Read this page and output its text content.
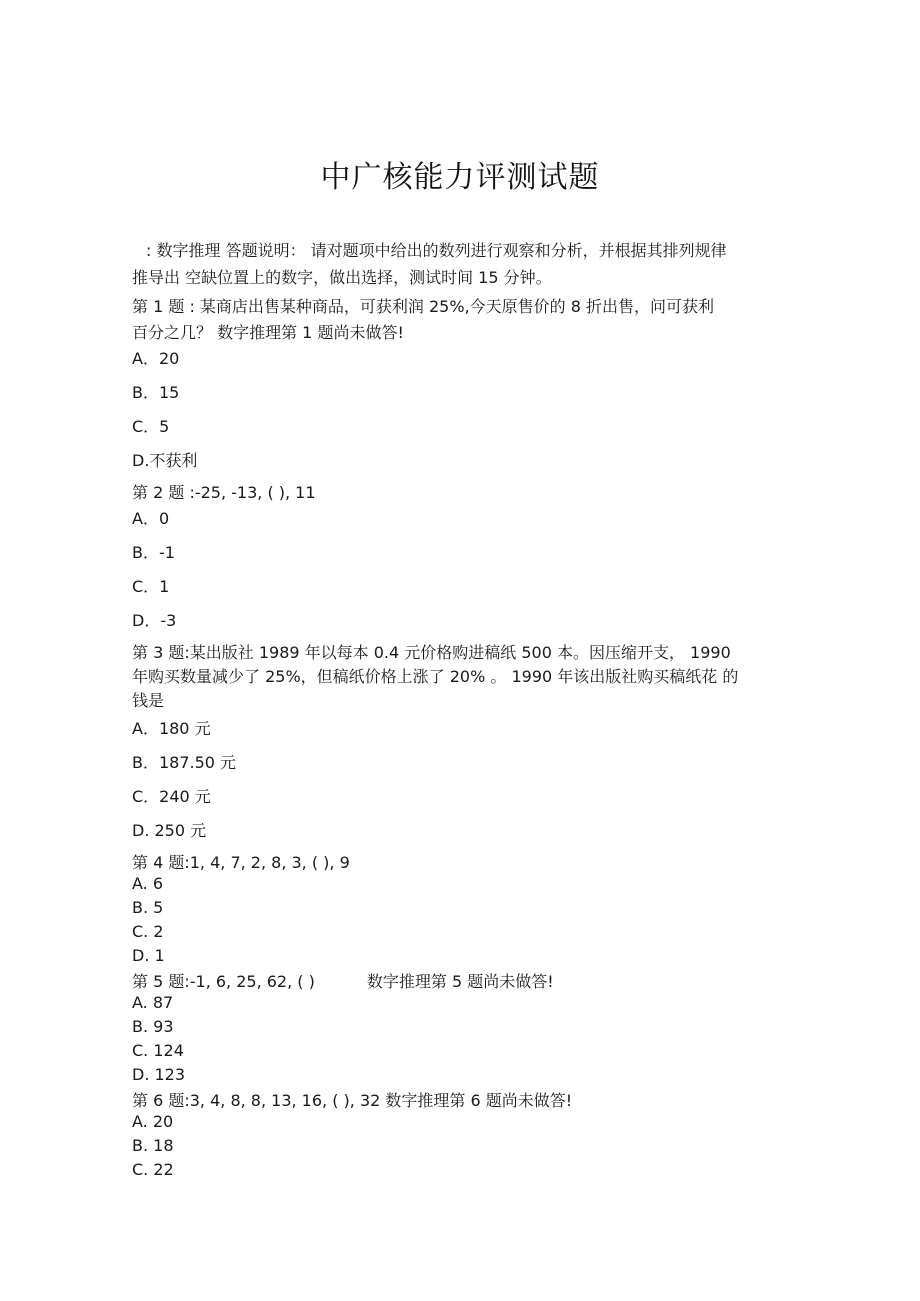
中广核能力评测试题
: 数字推理 答题说明： 请对题项中给出的数列进行观察和分析，并根据其排列规律
推导出 空缺位置上的数字，做出选择，测试时间 15 分钟。
第 1 题 : 某商店出售某种商品，可获利润 25%,今天原售价的 8 折出售，问可获利
百分之几？ 数字推理第 1 题尚未做答!
A．20
B．15
C．5
D.不获利
第 2 题 :-25, -13, ( ), 11
A．0
B．-1
C．1
D．-3
第 3 题:某出版社 1989 年以每本 0.4 元价格购进稿纸 500 本。因压缩开支， 1990
年购买数量减少了 25%，但稿纸价格上涨了 20% 。 1990 年该出版社购买稿纸花 的
钱是
A．180 元
B．187.50 元
C．240 元
D. 250 元
第 4 题:1, 4, 7, 2, 8, 3, ( ), 9
A. 6
B. 5
C. 2
D. 1
第 5 题:-1, 6, 25, 62, ( )	数字推理第 5 题尚未做答!
A. 87
B. 93
C. 124
D. 123
第 6 题:3, 4, 8, 8, 13, 16, ( ), 32 数字推理第 6 题尚未做答!
A. 20
B. 18
C. 22
